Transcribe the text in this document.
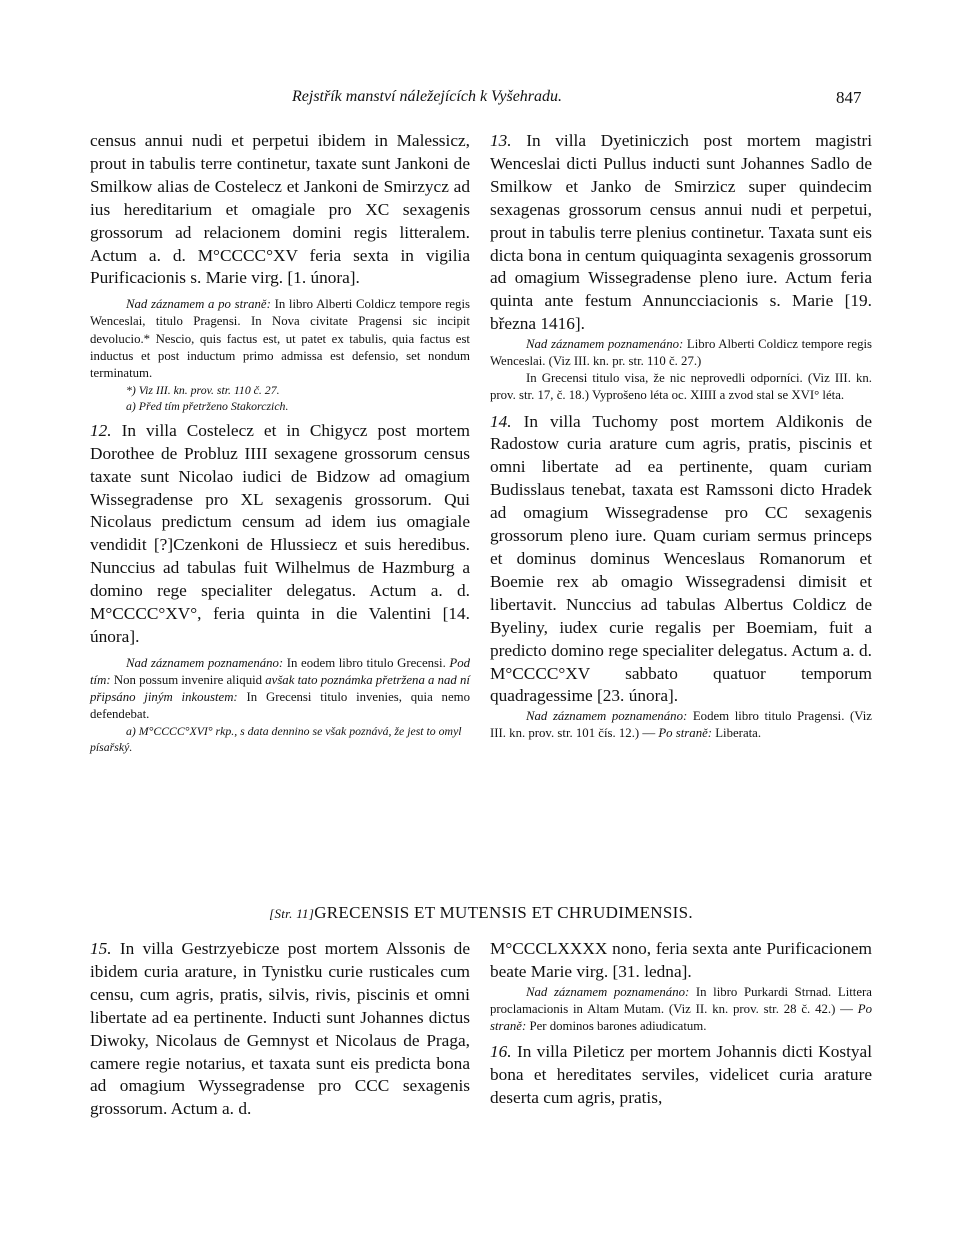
Rejstřík manství náležejících k Vyšehradu.	847

census annui nudi et perpetui ibidem in Malessicz, prout in tabulis terre continetur, taxate sunt Jankoni de Smilkow alias de Costelecz et Jankoni de Smirzycz ad ius hereditarium et omagiale pro XC sexagenis grossorum ad relacionem domini regis litteralem. Actum a. d. M°CCCC°XV feria sexta in vigilia Purificacionis s. Marie virg. [1. února].

Nad záznamem a po straně: In libro Alberti Coldicz tempore regis Wenceslai, titulo Pragensi. In Nova civitate Pragensi sic incipit devolucio.* Nescio, quis factus est, ut patet ex tabulis, quia factus est inductus et post inductum primo admissa est defensio, set nondum terminatum.

*) Viz III. kn. prov. str. 110 č. 27.

a) Před tím přetrženo Stakorczich.

12. In villa Costelecz et in Chigycz post mortem Dorothee de Probluz IIII sexagene grossorum census taxate sunt Nicolao iudici de Bidzow ad omagium Wissegradense pro XL sexagenis grossorum. Qui Nicolaus predictum censum ad idem ius omagiale vendidit [?]Czenkoni de Hlussiecz et suis heredibus. Nunccius ad tabulas fuit Wilhelmus de Hazmburg a domino rege specialiter delegatus. Actum a. d. M°CCCC°XV°, feria quinta in die Valentini [14. února].

Nad záznamem poznamenáno: In eodem libro titulo Grecensi. Pod tím: Non possum invenire aliquid avšak tato poznámka přetržena a nad ní připsáno jiným inkoustem: In Grecensi titulo invenies, quia nemo defendebat.

a) M°CCCC°XVI° rkp., s data dennino se však poznává, že jest to omyl písařský.

13. In villa Dyetiniczich post mortem magistri Wenceslai dicti Pullus inducti sunt Johannes Sadlo de Smilkow et Janko de Smirzicz super quindecim sexagenas grossorum census annui nudi et perpetui, prout in tabulis terre plenius continetur. Taxata sunt eis dicta bona in centum quiquaginta sexagenis grossorum ad omagium Wissegradense pleno iure. Actum feria quinta ante festum Annuncciacionis s. Marie [19. března 1416].

Nad záznamem poznamenáno: Libro Alberti Coldicz tempore regis Wenceslai. (Viz III. kn. pr. str. 110 č. 27.)

In Grecensi titulo visa, že nic neprovedli odporníci. (Viz III. kn. prov. str. 17, č. 18.) Vyprošeno léta oc. XIIII a zvod stal se XVI° léta.

14. In villa Tuchomy post mortem Aldikonis de Radostow curia arature cum agris, pratis, piscinis et omni libertate ad ea pertinente, quam curiam Budisslaus tenebat, taxata est Ramssoni dicto Hradek ad omagium Wissegradense pro CC sexagenis grossorum pleno iure. Quam curiam sermus princeps et dominus dominus Wenceslaus Romanorum et Boemie rex ab omagio Wissegradensi dimisit et libertavit. Nunccius ad tabulas Albertus Coldicz de Byeliny, iudex curie regalis per Boemiam, fuit a predicto domino rege specialiter delegatus. Actum a. d. M°CCCC°XV sabbato quatuor temporum quadragessime [23. února].

Nad záznamem poznamenáno: Eodem libro titulo Pragensi. (Viz III. kn. prov. str. 101 čís. 12.) — Po straně: Liberata.

[Str. 11]GRECENSIS ET MUTENSIS ET CHRUDIMENSIS.

15. In villa Gestrzyebicze post mortem Alssonis de ibidem curia arature, in Tynistku curie rusticales cum censu, cum agris, pratis, silvis, rivis, piscinis et omni libertate ad ea pertinente. Inducti sunt Johannes dictus Diwoky, Nicolaus de Gemnyst et Nicolaus de Praga, camere regie notarius, et taxata sunt eis predicta bona ad omagium Wyssegradense pro CCC sexagenis grossorum. Actum a. d.

M°CCCLXXXX nono, feria sexta ante Purificacionem beate Marie virg. [31. ledna].

Nad záznamem poznamenáno: In libro Purkardi Strnad. Littera proclamacionis in Altam Mutam. (Viz II. kn. prov. str. 28 č. 42.) — Po straně: Per dominos barones adiudicatum.

16. In villa Pileticz per mortem Johannis dicti Kostyal bona et hereditates serviles, videlicet curia arature deserta cum agris, pratis,
